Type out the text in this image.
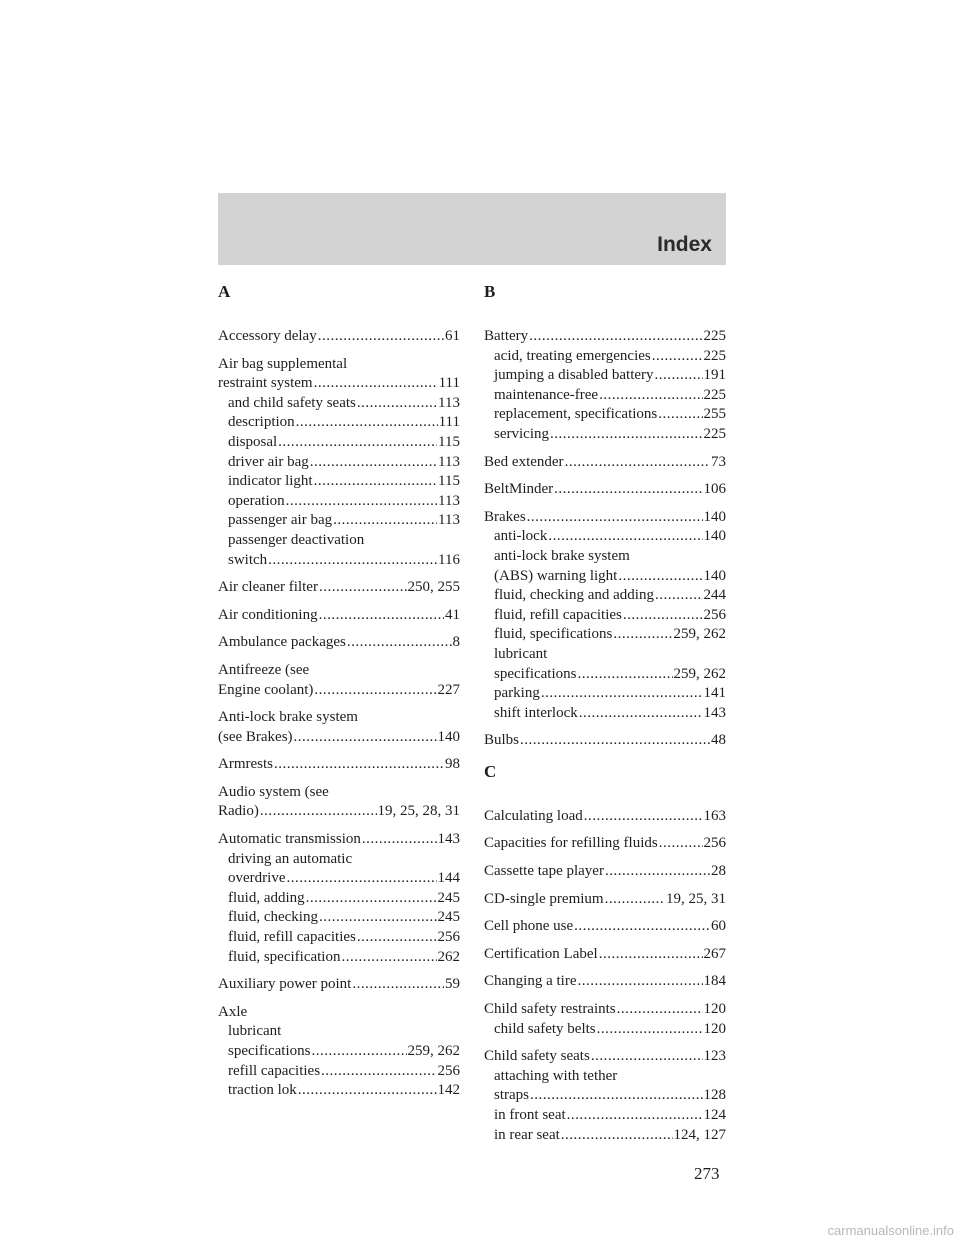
Index
A
Accessory delay .....	61
Air bag supplemental
restraint system .....	111
and child safety seats .....	113
description .....	111
disposal .....	115
driver air bag .....	113
indicator light .....	115
operation .....	113
passenger air bag .....	113
passenger deactivation
switch .....	116
Air cleaner filter .....	250, 255
Air conditioning .....	41
Ambulance packages .....	8
Antifreeze (see
Engine coolant) .....	227
Anti-lock brake system
(see Brakes) .....	140
Armrests .....	98
Audio system (see
Radio) .....	19, 25, 28, 31
Automatic transmission .....	143
driving an automatic
overdrive .....	144
fluid, adding .....	245
fluid, checking .....	245
fluid, refill capacities .....	256
fluid, specification .....	262
Auxiliary power point .....	59
Axle
lubricant
specifications .....	259, 262
refill capacities .....	256
traction lok .....	142
B
Battery .....	225
acid, treating emergencies .....	225
jumping a disabled battery .....	191
maintenance-free .....	225
replacement, specifications .....	255
servicing .....	225
Bed extender .....	73
BeltMinder .....	106
Brakes .....	140
anti-lock .....	140
anti-lock brake system
(ABS) warning light .....	140
fluid, checking and adding .....	244
fluid, refill capacities .....	256
fluid, specifications .....	259, 262
lubricant
specifications .....	259, 262
parking .....	141
shift interlock .....	143
Bulbs .....	48
C
Calculating load .....	163
Capacities for refilling fluids .....	256
Cassette tape player .....	28
CD-single premium .....	19, 25, 31
Cell phone use .....	60
Certification Label .....	267
Changing a tire .....	184
Child safety restraints .....	120
child safety belts .....	120
Child safety seats .....	123
attaching with tether
straps .....	128
in front seat .....	124
in rear seat .....	124, 127
273
carmanualsonline.info
